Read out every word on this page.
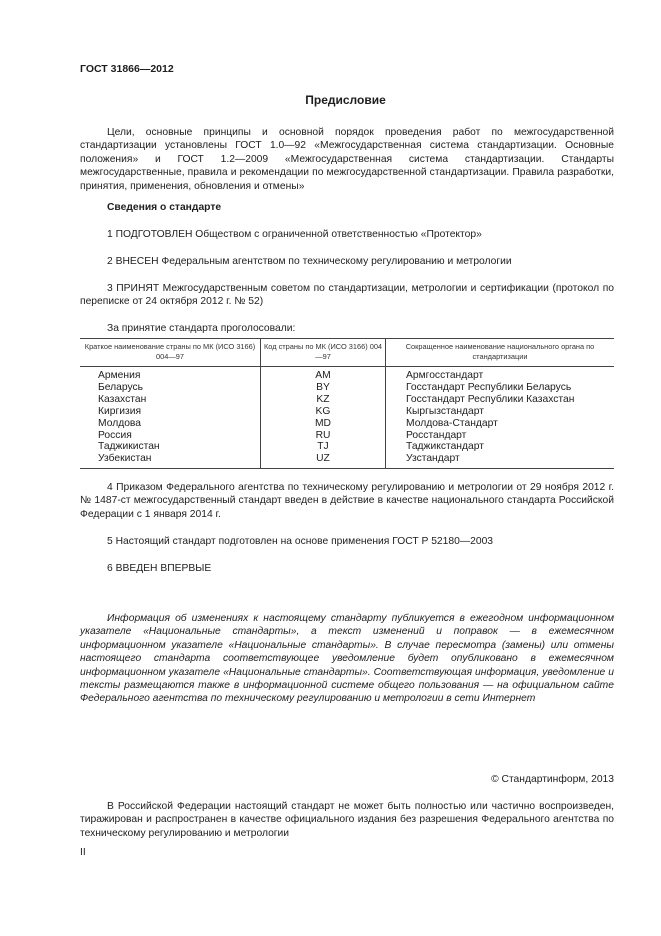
ГОСТ 31866—2012
Предисловие

Цели, основные принципы и основной порядок проведения работ по межгосударственной стандартизации установлены ГОСТ 1.0—92 «Межгосударственная система стандартизации. Основные положения» и ГОСТ 1.2—2009 «Межгосударственная система стандартизации. Стандарты межгосударственные, правила и рекомендации по межгосударственной стандартизации. Правила разработки, принятия, применения, обновления и отмены»

Сведения о стандарте

1 ПОДГОТОВЛЕН Обществом с ограниченной ответственностью «Протектор»

2 ВНЕСЕН Федеральным агентством по техническому регулированию и метрологии

3 ПРИНЯТ Межгосударственным советом по стандартизации, метрологии и сертификации (протокол по переписке от 24 октября 2012 г. № 52)

За принятие стандарта проголосовали:

Краткое наименование страны по МК (ИСО 3166) 004—97	Код страны по МК (ИСО 3166) 004—97	Сокращенное наименование национального органа по стандартизации
Армения	AM	Армгосстандарт
Беларусь	BY	Госстандарт Республики Беларусь
Казахстан	KZ	Госстандарт Республики Казахстан
Киргизия	KG	Кыргызстандарт
Молдова	MD	Молдова-Стандарт
Россия	RU	Росстандарт
Таджикистан	TJ	Таджикстандарт
Узбекистан	UZ	Узстандарт

4 Приказом Федерального агентства по техническому регулированию и метрологии от 29 ноября 2012 г. № 1487-ст межгосударственный стандарт введен в действие в качестве национального стандарта Российской Федерации с 1 января 2014 г.

5 Настоящий стандарт подготовлен на основе применения ГОСТ Р 52180—2003

6 ВВЕДЕН ВПЕРВЫЕ

Информация об изменениях к настоящему стандарту публикуется в ежегодном информационном указателе «Национальные стандарты», а текст изменений и поправок — в ежемесячном информационном указателе «Национальные стандарты». В случае пересмотра (замены) или отмены настоящего стандарта соответствующее уведомление будет опубликовано в ежемесячном информационном указателе «Национальные стандарты». Соответствующая информация, уведомление и тексты размещаются также в информационной системе общего пользования — на официальном сайте Федерального агентства по техническому регулированию и метрологии в сети Интернет

© Стандартинформ, 2013

В Российской Федерации настоящий стандарт не может быть полностью или частично воспроизведен, тиражирован и распространен в качестве официального издания без разрешения Федерального агентства по техническому регулированию и метрологии

II
